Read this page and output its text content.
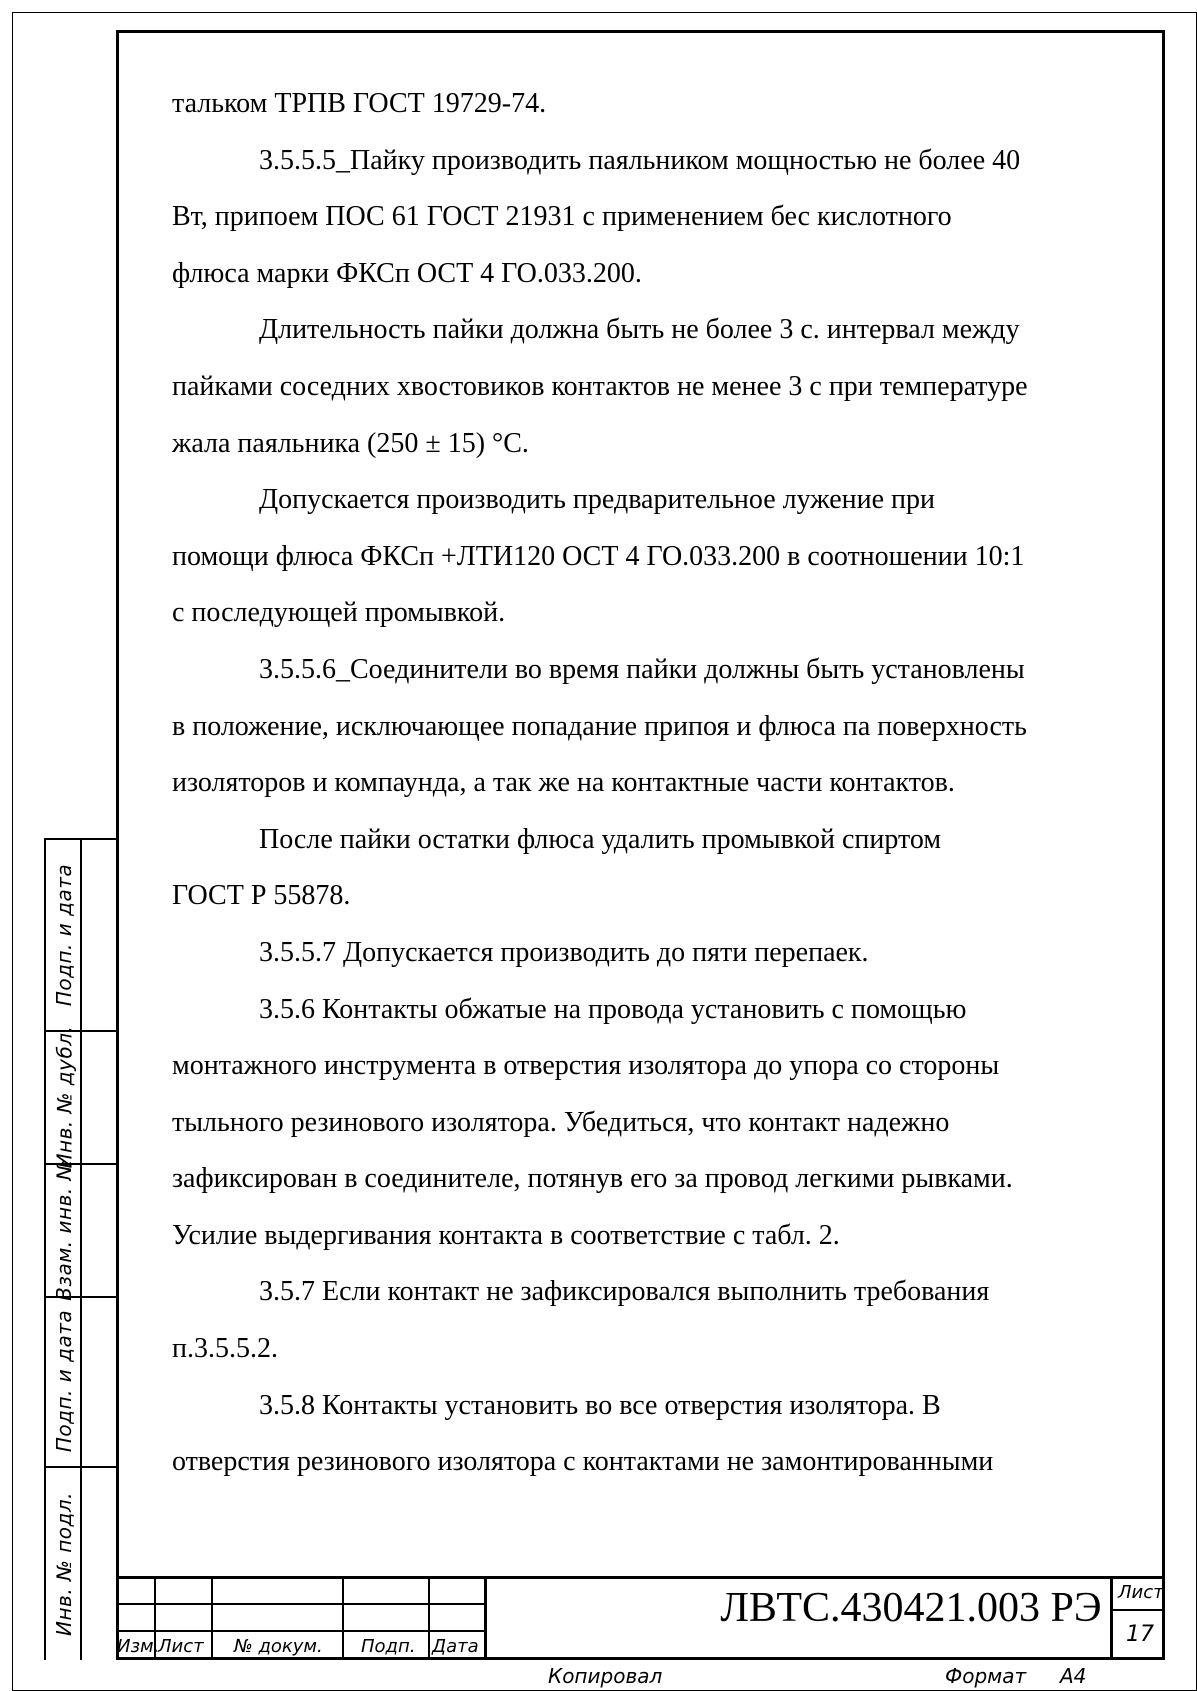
тальком ТРПВ ГОСТ 19729-74.
3.5.5.5_Пайку производить паяльником мощностью не более 40
Вт, припоем ПОС 61 ГОСТ 21931 с применением бес кислотного
флюса марки ФКСп ОСТ 4 ГО.033.200.
Длительность пайки должна быть не более 3 с. интервал между
пайками соседних хвостовиков контактов не менее 3 с при температуре
жала паяльника (250 ± 15) °С.
Допускается производить предварительное лужение при
помощи флюса ФКСп +ЛТИ120 ОСТ 4 ГО.033.200 в соотношении 10:1
с последующей промывкой.
3.5.5.6_Соединители во время пайки должны быть установлены
в положение, исключающее попадание припоя и флюса па поверхность
изоляторов и компаунда, а так же на контактные части контактов.
После пайки остатки флюса удалить промывкой спиртом
ГОСТ Р 55878.
3.5.5.7 Допускается производить до пяти перепаек.
3.5.6 Контакты обжатые на провода установить с помощью
монтажного инструмента в отверстия изолятора до упора со стороны
тыльного резинового изолятора. Убедиться, что контакт надежно
зафиксирован в соединителе, потянув его за провод легкими рывками.
Усилие выдергивания контакта в соответствие с табл. 2.
3.5.7 Если контакт не зафиксировался выполнить требования
п.3.5.5.2.
3.5.8 Контакты установить во все отверстия изолятора. В
отверстия резинового изолятора с контактами не замонтированными
Подп. и дата
Инв. № дубл.
Взам. инв. №
Подп. и дата
Инв. № подл.
Изм.
Лист № докум. Подп. Дата
ЛВТС.430421.003 РЭ Лист
17
Копировал	Формат А4
